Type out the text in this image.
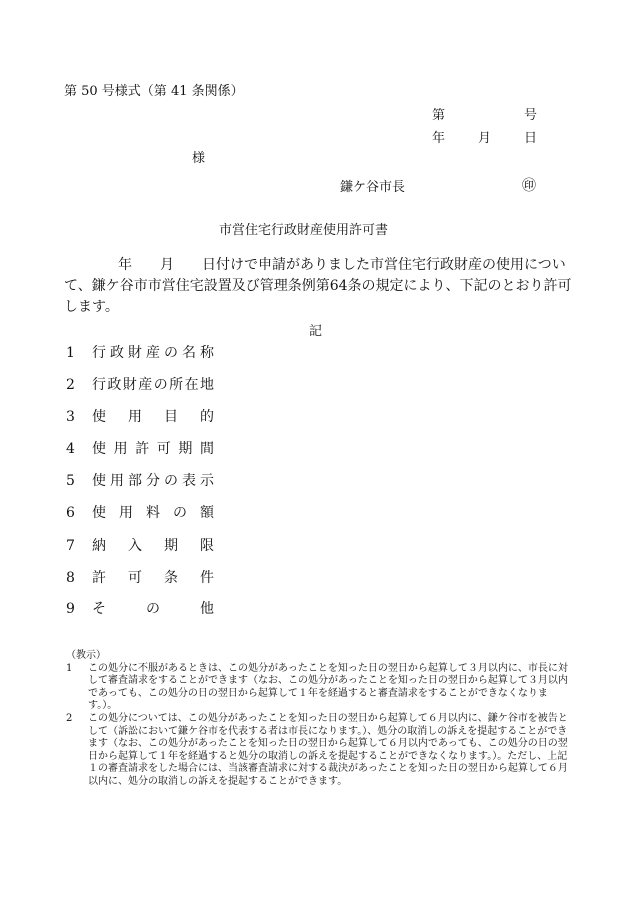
第 50 号様式（第 41 条関係）
第	号
年	月	日
様
鎌ケ谷市長	㊞
市営住宅行政財産使用許可書
年　　月　　日付けで申請がありました市営住宅行政財産の使用について、鎌ケ谷市市営住宅設置及び管理条例第64条の規定により、下記のとおり許可します。
記
1 行政財産の名称
2 行政財産の所在地
3 使用目的
4 使用許可期間
5 使用部分の表示
6 使用料の額
7 納入期限
8 許可条件
9 その他
（教示）
1	この処分に不服があるときは、この処分があったことを知った日の翌日から起算して３月以内に、市長に対して審査請求をすることができます（なお、この処分があったことを知った日の翌日から起算して３月以内であっても、この処分の日の翌日から起算して１年を経過すると審査請求をすることができなくなります。）。
2	この処分については、この処分があったことを知った日の翌日から起算して６月以内に、鎌ケ谷市を被告として（訴訟において鎌ケ谷市を代表する者は市長になります。）、処分の取消しの訴えを提起することができます（なお、この処分があったことを知った日の翌日から起算して６月以内であっても、この処分の日の翌日から起算して１年を経過すると処分の取消しの訴えを提起することができなくなります。）。ただし、上記１の審査請求をした場合には、当該審査請求に対する裁決があったことを知った日の翌日から起算して６月以内に、処分の取消しの訴えを提起することができます。
